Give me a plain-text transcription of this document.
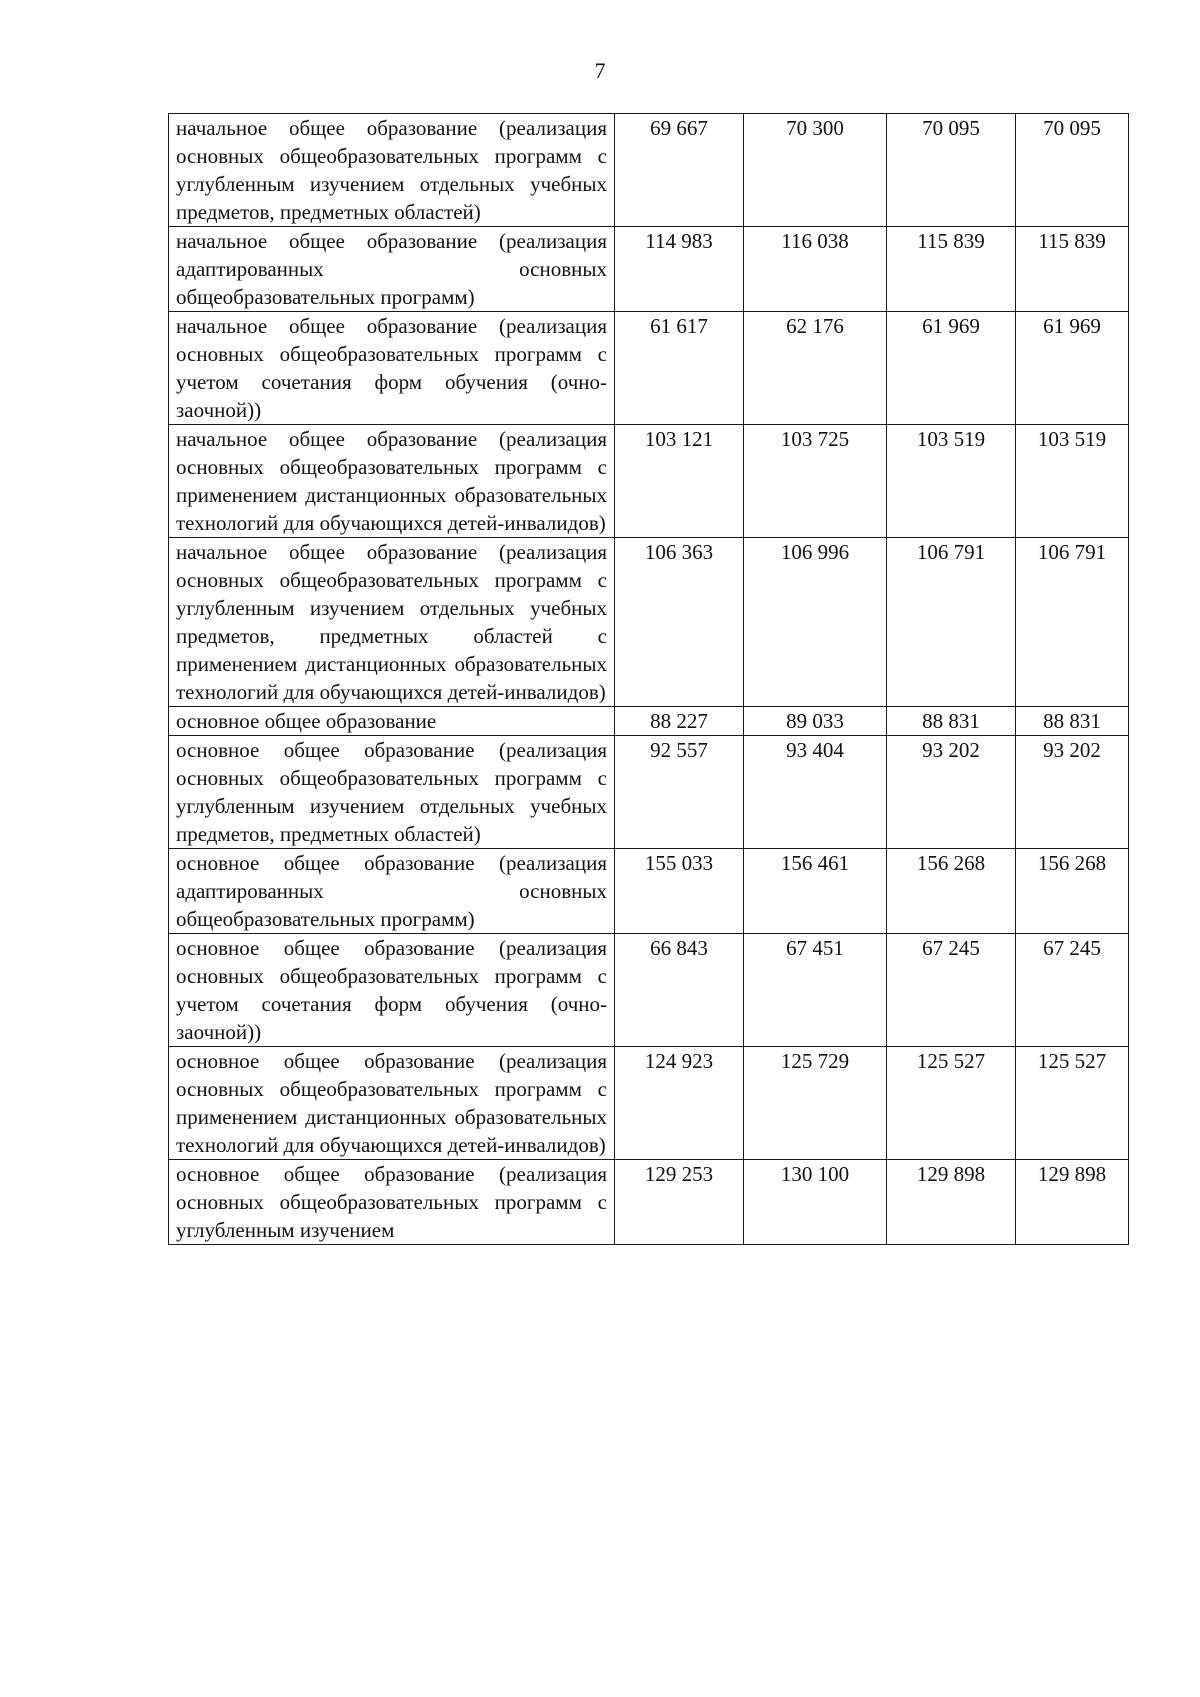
7
начальное общее образование (реализация основных общеобразовательных программ с углубленным изучением отдельных учебных предметов, предметных областей)	69 667	70 300	70 095	70 095
начальное общее образование (реализация адаптированных основных общеобразовательных программ)	114 983	116 038	115 839	115 839
начальное общее образование (реализация основных общеобразовательных программ с учетом сочетания форм обучения (очно-заочной))	61 617	62 176	61 969	61 969
начальное общее образование (реализация основных общеобразовательных программ с применением дистанционных образовательных технологий для обучающихся детей-инвалидов)	103 121	103 725	103 519	103 519
начальное общее образование (реализация основных общеобразовательных программ с углубленным изучением отдельных учебных предметов, предметных областей с применением дистанционных образовательных технологий для обучающихся детей-инвалидов)	106 363	106 996	106 791	106 791
основное общее образование	88 227	89 033	88 831	88 831
основное общее образование (реализация основных общеобразовательных программ с углубленным изучением отдельных учебных предметов, предметных областей)	92 557	93 404	93 202	93 202
основное общее образование (реализация адаптированных основных общеобразовательных программ)	155 033	156 461	156 268	156 268
основное общее образование (реализация основных общеобразовательных программ с учетом сочетания форм обучения (очно-заочной))	66 843	67 451	67 245	67 245
основное общее образование (реализация основных общеобразовательных программ с применением дистанционных образовательных технологий для обучающихся детей-инвалидов)	124 923	125 729	125 527	125 527
основное общее образование (реализация основных общеобразовательных программ с углубленным изучением	129 253	130 100	129 898	129 898
